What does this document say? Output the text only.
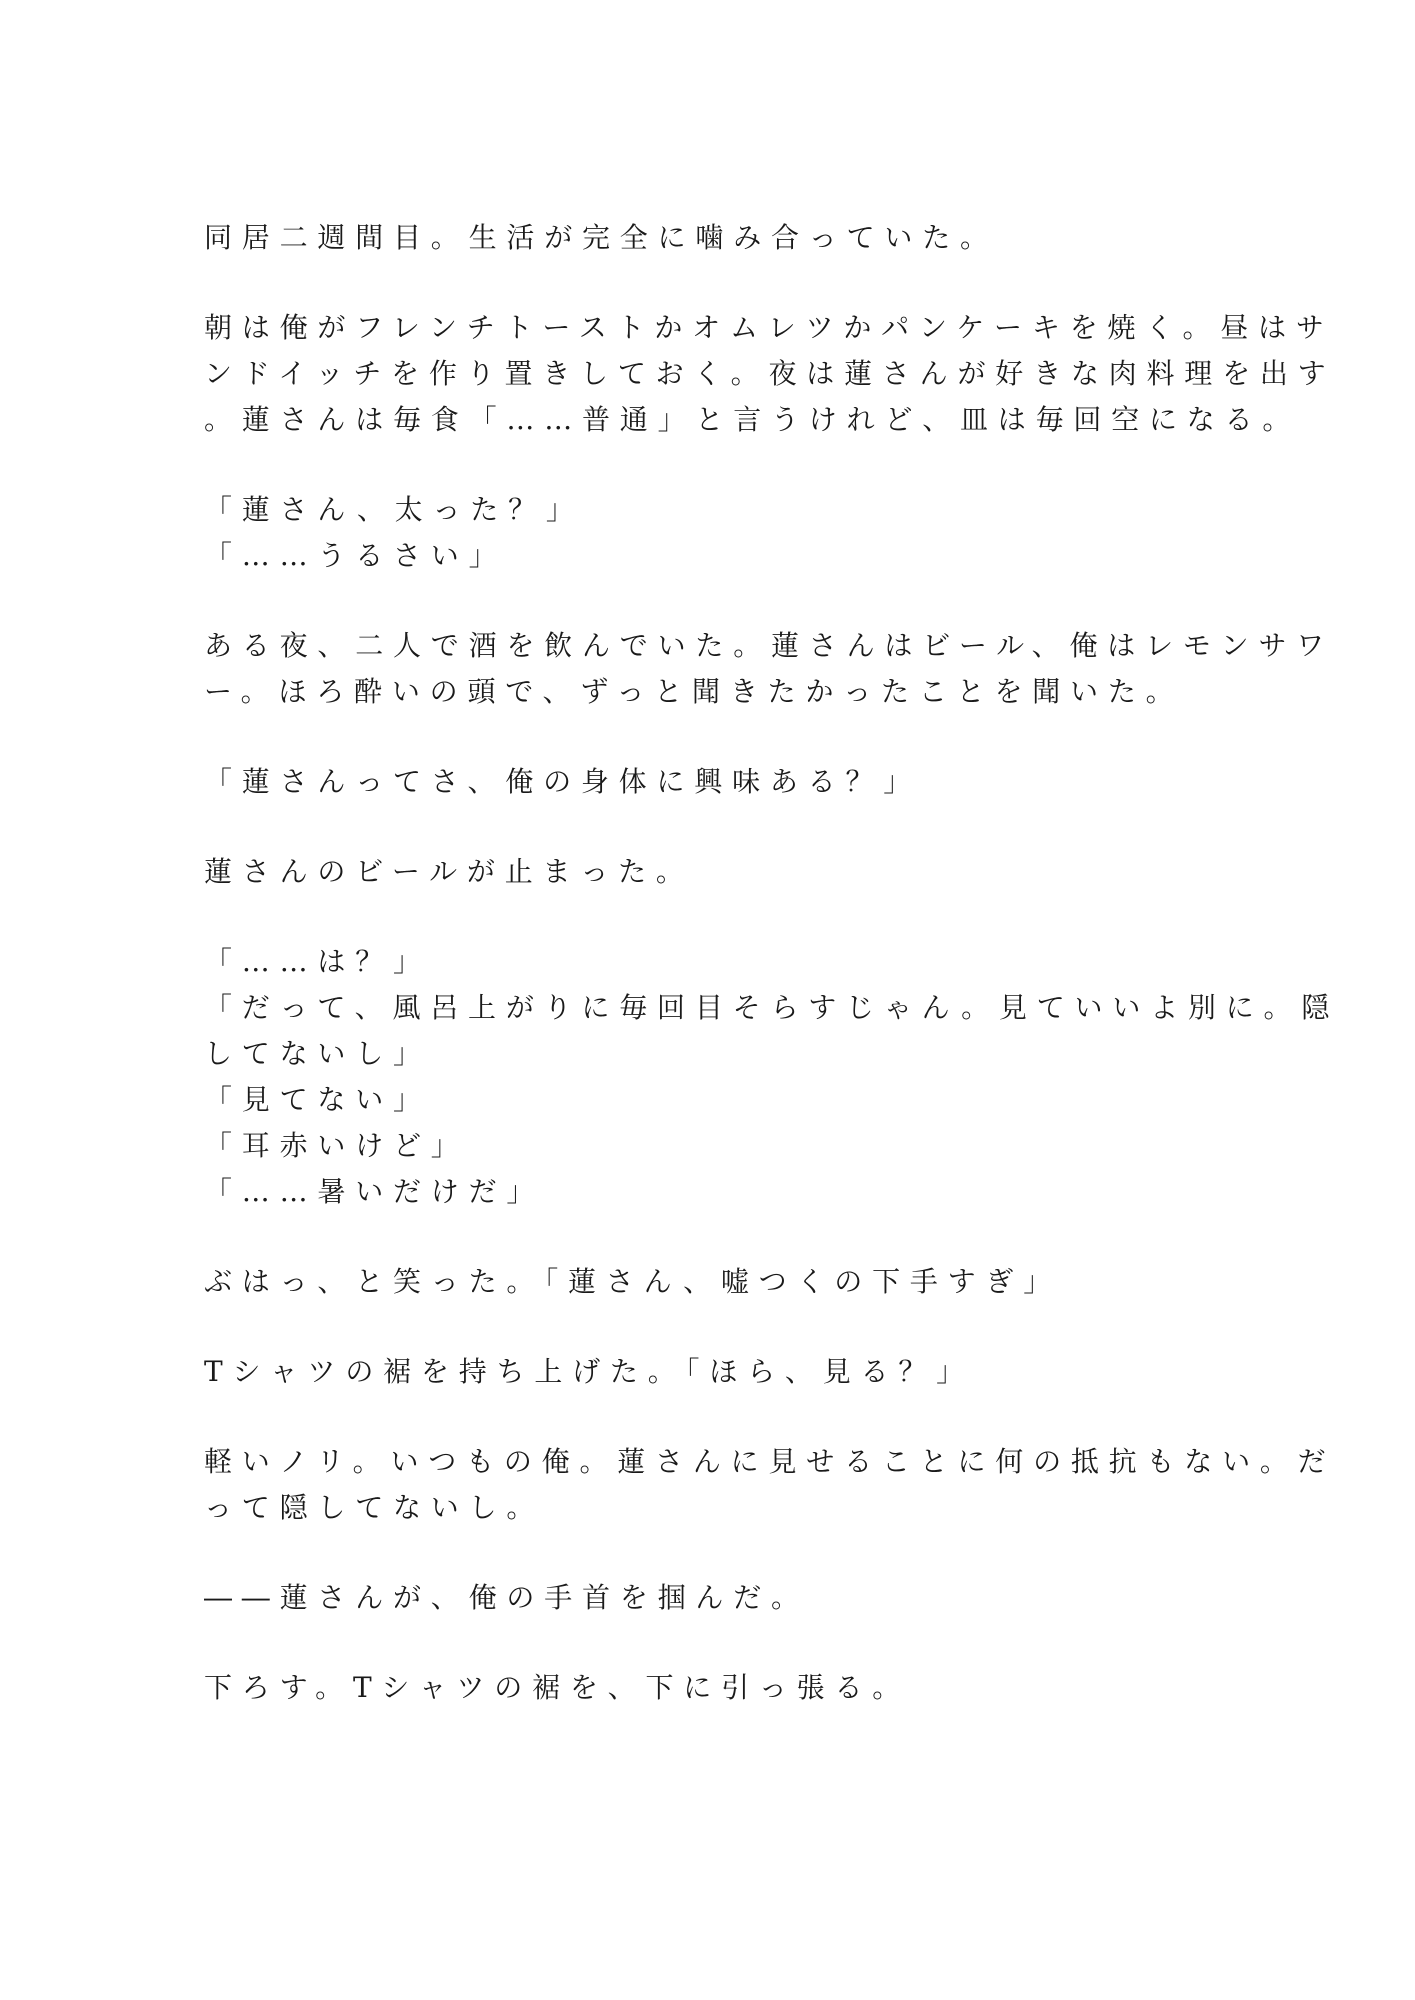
同居二週間目。生活が完全に噛み合っていた。

朝は俺がフレンチトーストかオムレツかパンケーキを焼く。昼はサ

ンドイッチを作り置きしておく。夜は蓮さんが好きな肉料理を出す

。蓮さんは毎食「……普通」と言うけれど、皿は毎回空になる。

「蓮さん、太った？」

「……うるさい」

ある夜、二人で酒を飲んでいた。蓮さんはビール、俺はレモンサワ

ー。ほろ酔いの頭で、ずっと聞きたかったことを聞いた。

「蓮さんってさ、俺の身体に興味ある？」

蓮さんのビールが止まった。

「……は？」

「だって、風呂上がりに毎回目そらすじゃん。見ていいよ別に。隠

してないし」

「見てない」

「耳赤いけど」

「……暑いだけだ」

ぶはっ、と笑った。「蓮さん、嘘つくの下手すぎ」

Tシャツの裾を持ち上げた。「ほら、見る？」

軽いノリ。いつもの俺。蓮さんに見せることに何の抵抗もない。だ

って隠してないし。

――蓮さんが、俺の手首を掴んだ。

下ろす。Tシャツの裾を、下に引っ張る。
